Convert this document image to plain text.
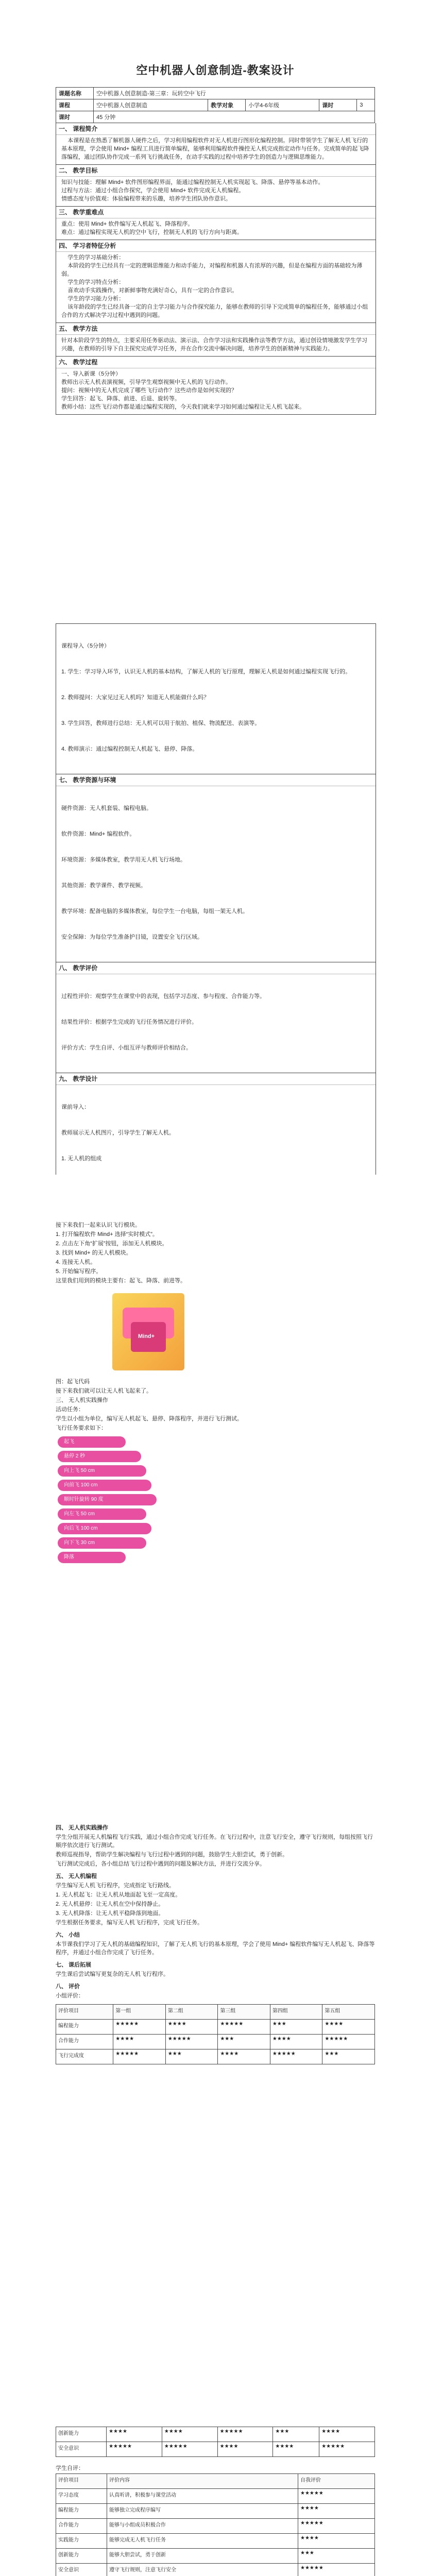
空中机器人创意制造-教案设计
课题名称	空中机器人创意制造-第三章：玩转空中飞行				
课程	空中机器人创意制造	教学对象	小学4-6年级	课时	3
课时	45 分钟				
一、 课程简介
本课程是在熟悉了解机器人硬件之后，学习利用编程软件对无人机进行图形化编程控制。同时带领学生了解无人机飞行的基本原理，学会使用 Mind+ 编程工具进行简单编程，能够利用编程软件操控无人机完成指定动作与任务。完成简单的起飞降落编程，通过团队协作完成一系列飞行挑战任务，在动手实践的过程中培养学生的创造力与逻辑思维能力。
二、 教学目标
知识与技能：理解 Mind+ 软件图形编程界面，能通过编程控制无人机实现起飞、降落、悬停等基本动作。
过程与方法：通过小组合作探究，学会使用 Mind+ 软件完成无人机编程。
情感态度与价值观：体验编程带来的乐趣，培养学生团队协作意识。
三、 教学重难点
重点：使用 Mind+ 软件编写无人机起飞、降落程序。
难点：通过编程实现无人机的空中飞行，控制无人机的飞行方向与距离。
四、 学习者特征分析
学生的学习基础分析：
本阶段的学生已经具有一定的逻辑思维能力和动手能力，对编程和机器人有浓厚的兴趣，但是在编程方面的基础较为薄弱。
学生的学习特点分析：
喜欢动手实践操作，对新鲜事物充满好奇心，具有一定的合作意识。
学生的学习能力分析：
该年龄段的学生已经具备一定的自主学习能力与合作探究能力，能够在教师的引导下完成简单的编程任务，能够通过小组合作的方式解决学习过程中遇到的问题。
五、 教学方法
针对本阶段学生的特点，主要采用任务驱动法、演示法、合作学习法和实践操作法等教学方法，通过创设情境激发学生学习兴趣，在教师的引导下自主探究完成学习任务，并在合作交流中解决问题，培养学生的创新精神与实践能力。
六、 教学过程
一、导入新课（5分钟）
教师出示无人机表演视频，引导学生观察视频中无人机的飞行动作。
提问：视频中的无人机完成了哪些飞行动作？这些动作是如何实现的？
学生回答：起飞、降落、前进、后退、旋转等。
教师小结：这些飞行动作都是通过编程实现的，今天我们就来学习如何通过编程让无人机飞起来。

课程导入（5分钟）

1. 学生：学习导入环节，认识无人机的基本结构，了解无人机的飞行原理，理解无人机是如何通过编程实现飞行的。

2. 教师提问：大家见过无人机吗？知道无人机能做什么吗？

3. 学生回答，教师进行总结：无人机可以用于航拍、植保、物流配送、表演等。

4. 教师演示：通过编程控制无人机起飞、悬停、降落。

七、 教学资源与环境

硬件资源：无人机套装、编程电脑。

软件资源：Mind+ 编程软件。

环境资源：多媒体教室，教学用无人机飞行场地。

其他资源：教学课件、教学视频。

教学环境：配备电脑的多媒体教室，每位学生一台电脑，每组一架无人机。

安全保障：为每位学生准备护目镜，设置安全飞行区域。

八、 教学评价

过程性评价：观察学生在课堂中的表现，包括学习态度、参与程度、合作能力等。

结果性评价：根据学生完成的飞行任务情况进行评价。

评价方式：学生自评、小组互评与教师评价相结合。

九、 教学设计

课前导入：

教师展示无人机图片，引导学生了解无人机。

1. 无人机的组成

接下来我们一起来认识飞行模块。

1. 打开编程软件 Mind+ 选择“实时模式”。

2. 点击左下角“扩展”按钮，添加无人机模块。

3. 找到 Mind+ 的无人机模块。

4. 连接无人机。

5. 开始编写程序。

这里我们用到的模块主要有：起飞、降落、前进等。

Mind+

图：起飞代码

接下来我们就可以让无人机飞起来了。

三、 无人机实践操作

活动任务：

学生以小组为单位，编写无人机起飞、悬停、降落程序，并进行飞行测试。

飞行任务要求如下：

起飞
悬停 2 秒
向上飞 50 cm
向前飞 100 cm
顺时针旋转 90 度
向左飞 50 cm
向后飞 100 cm
向下飞 30 cm
降落

四、 无人机实践操作

学生分组开展无人机编程飞行实践，通过小组合作完成飞行任务。在飞行过程中，注意飞行安全，遵守飞行规则，每组按照飞行顺序依次进行飞行测试。

教师巡视指导，帮助学生解决编程与飞行过程中遇到的问题，鼓励学生大胆尝试，勇于创新。

飞行测试完成后，各小组总结飞行过程中遇到的问题及解决方法，并进行交流分享。

五、 无人机编程

学生编写无人机飞行程序，完成指定飞行路线。

1. 无人机起飞：让无人机从地面起飞至一定高度。

2. 无人机悬停：让无人机在空中保持静止。

3. 无人机降落：让无人机平稳降落到地面。

学生根据任务要求，编写无人机飞行程序，完成飞行任务。

六、 小结

本节课我们学习了无人机的基础编程知识，了解了无人机飞行的基本原理，学会了使用 Mind+ 编程软件编写无人机起飞、降落等程序，并通过小组合作完成了飞行任务。

七、 课后拓展

学生课后尝试编写更复杂的无人机飞行程序。

八、 评价

小组评价：

评价项目	第一组	第二组	第三组	第四组	第五组
编程能力	★★★★★	★★★★	★★★★★	★★★	★★★★
合作能力	★★★★	★★★★★	★★★	★★★★	★★★★★
飞行完成度	★★★★★	★★★	★★★★	★★★★★	★★★
创新能力	★★★★	★★★★	★★★★★	★★★	★★★★
安全意识	★★★★★	★★★★★	★★★★	★★★★	★★★★★

学生自评：

评价项目	评价内容	自我评价
学习态度	认真听讲，积极参与课堂活动	★★★★★
编程能力	能够独立完成程序编写	★★★★
合作能力	能够与小组成员积极合作	★★★★★
实践能力	能够完成无人机飞行任务	★★★★
创新能力	能够大胆尝试，勇于创新	★★★
安全意识	遵守飞行规则，注意飞行安全	★★★★★
